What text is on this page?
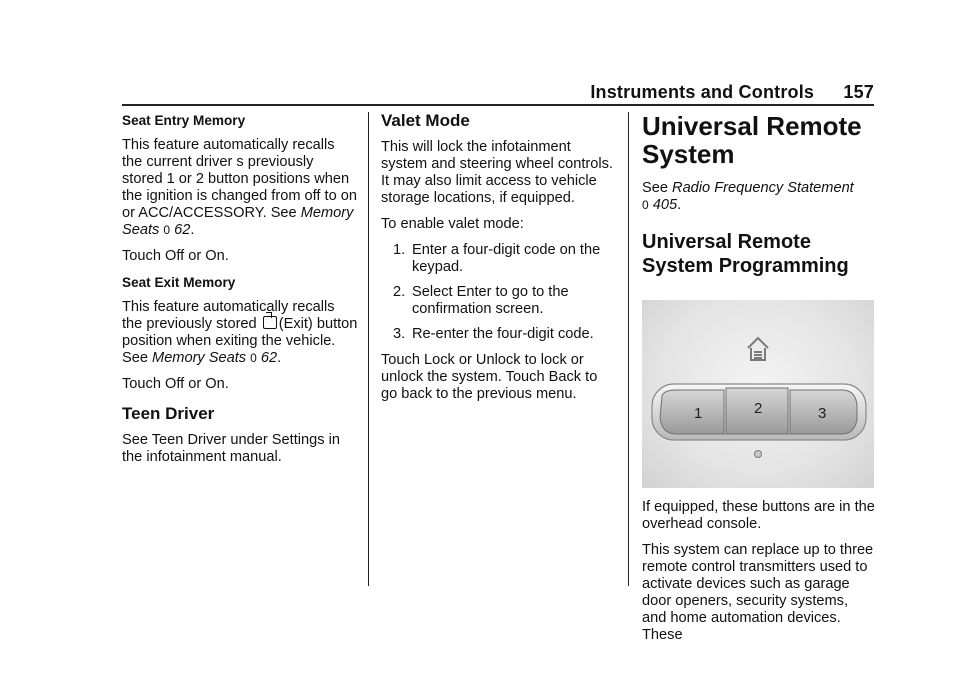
Instruments and Controls 157

Seat Entry Memory

This feature automatically recalls the current driver s previously stored 1 or 2 button positions when the ignition is changed from off to on or ACC/ACCESSORY. See Memory Seats 0 62.

Touch Off or On.

Seat Exit Memory

This feature automatically recalls the previously stored (Exit) button position when exiting the vehicle. See Memory Seats 0 62.

Touch Off or On.

Teen Driver

See Teen Driver under Settings in the infotainment manual.

Valet Mode

This will lock the infotainment system and steering wheel controls. It may also limit access to vehicle storage locations, if equipped.

To enable valet mode:

1. Enter a four-digit code on the keypad.
2. Select Enter to go to the confirmation screen.
3. Re-enter the four-digit code.

Touch Lock or Unlock to lock or unlock the system. Touch Back to go back to the previous menu.

Universal Remote System

See Radio Frequency Statement
0 405.

Universal Remote System Programming
1	2	3

If equipped, these buttons are in the overhead console.

This system can replace up to three remote control transmitters used to activate devices such as garage door openers, security systems, and home automation devices. These
